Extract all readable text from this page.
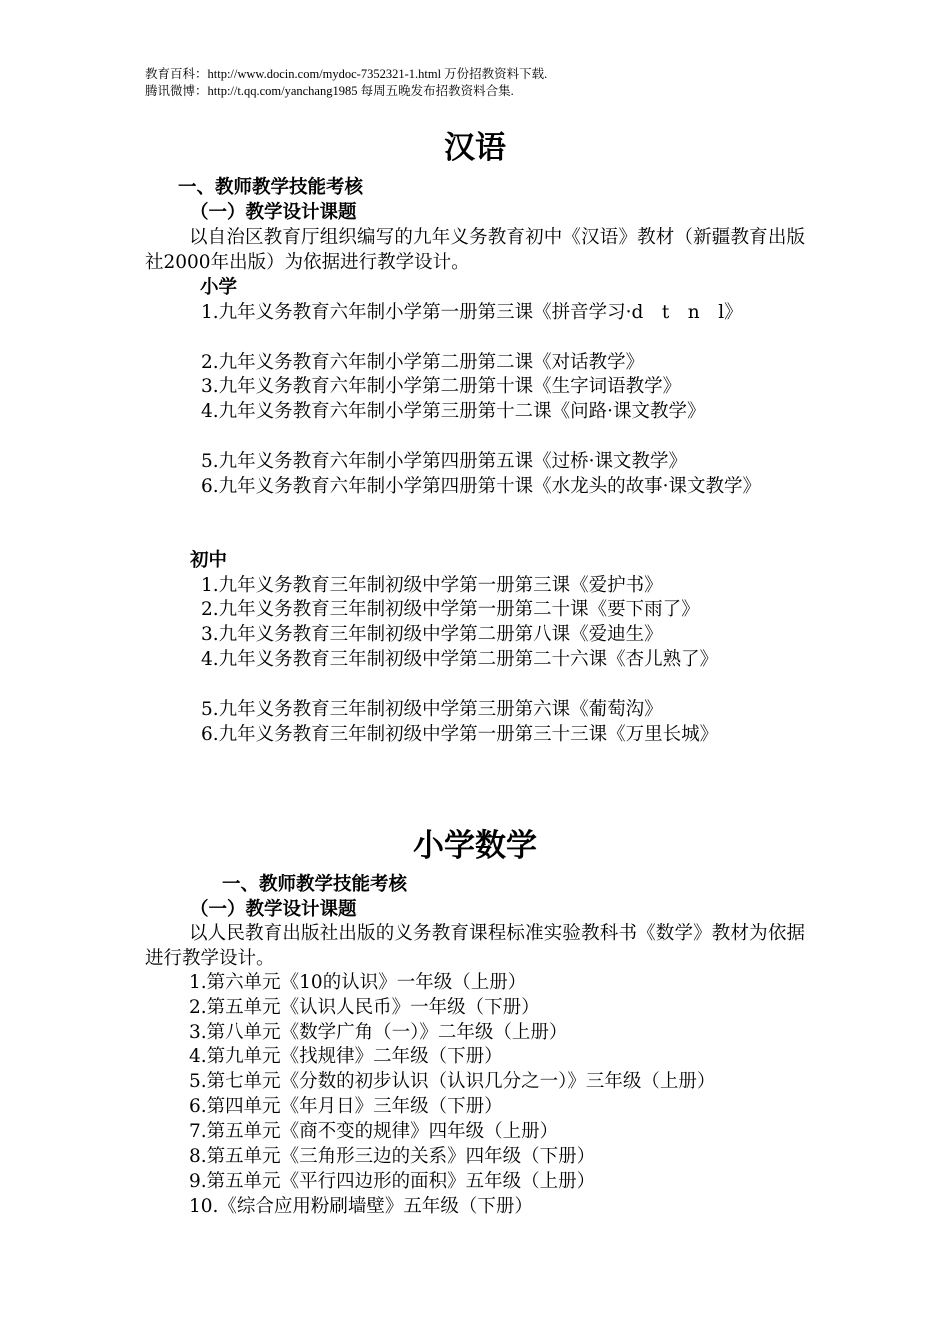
教育百科：http://www.docin.com/mydoc-7352321-1.html 万份招教资料下载.
腾讯微博：http://t.qq.com/yanchang1985 每周五晚发布招教资料合集.
汉语
一、教师教学技能考核
（一）教学设计课题
以自治区教育厅组织编写的九年义务教育初中《汉语》教材（新疆教育出版社2000年出版）为依据进行教学设计。
小学
1.九年义务教育六年制小学第一册第三课《拼音学习·d　t　n　l》
2.九年义务教育六年制小学第二册第二课《对话教学》
3.九年义务教育六年制小学第二册第十课《生字词语教学》
4.九年义务教育六年制小学第三册第十二课《问路·课文教学》
5.九年义务教育六年制小学第四册第五课《过桥·课文教学》
6.九年义务教育六年制小学第四册第十课《水龙头的故事·课文教学》
初中
1.九年义务教育三年制初级中学第一册第三课《爱护书》
2.九年义务教育三年制初级中学第一册第二十课《要下雨了》
3.九年义务教育三年制初级中学第二册第八课《爱迪生》
4.九年义务教育三年制初级中学第二册第二十六课《杏儿熟了》
5.九年义务教育三年制初级中学第三册第六课《葡萄沟》
6.九年义务教育三年制初级中学第一册第三十三课《万里长城》
小学数学
一、教师教学技能考核
（一）教学设计课题
以人民教育出版社出版的义务教育课程标准实验教科书《数学》教材为依据进行教学设计。
1.第六单元《10的认识》一年级（上册）
2.第五单元《认识人民币》一年级（下册）
3.第八单元《数学广角（一）》二年级（上册）
4.第九单元《找规律》二年级（下册）
5.第七单元《分数的初步认识（认识几分之一）》三年级（上册）
6.第四单元《年月日》三年级（下册）
7.第五单元《商不变的规律》四年级（上册）
8.第五单元《三角形三边的关系》四年级（下册）
9.第五单元《平行四边形的面积》五年级（上册）
10.《综合应用粉刷墙壁》五年级（下册）
